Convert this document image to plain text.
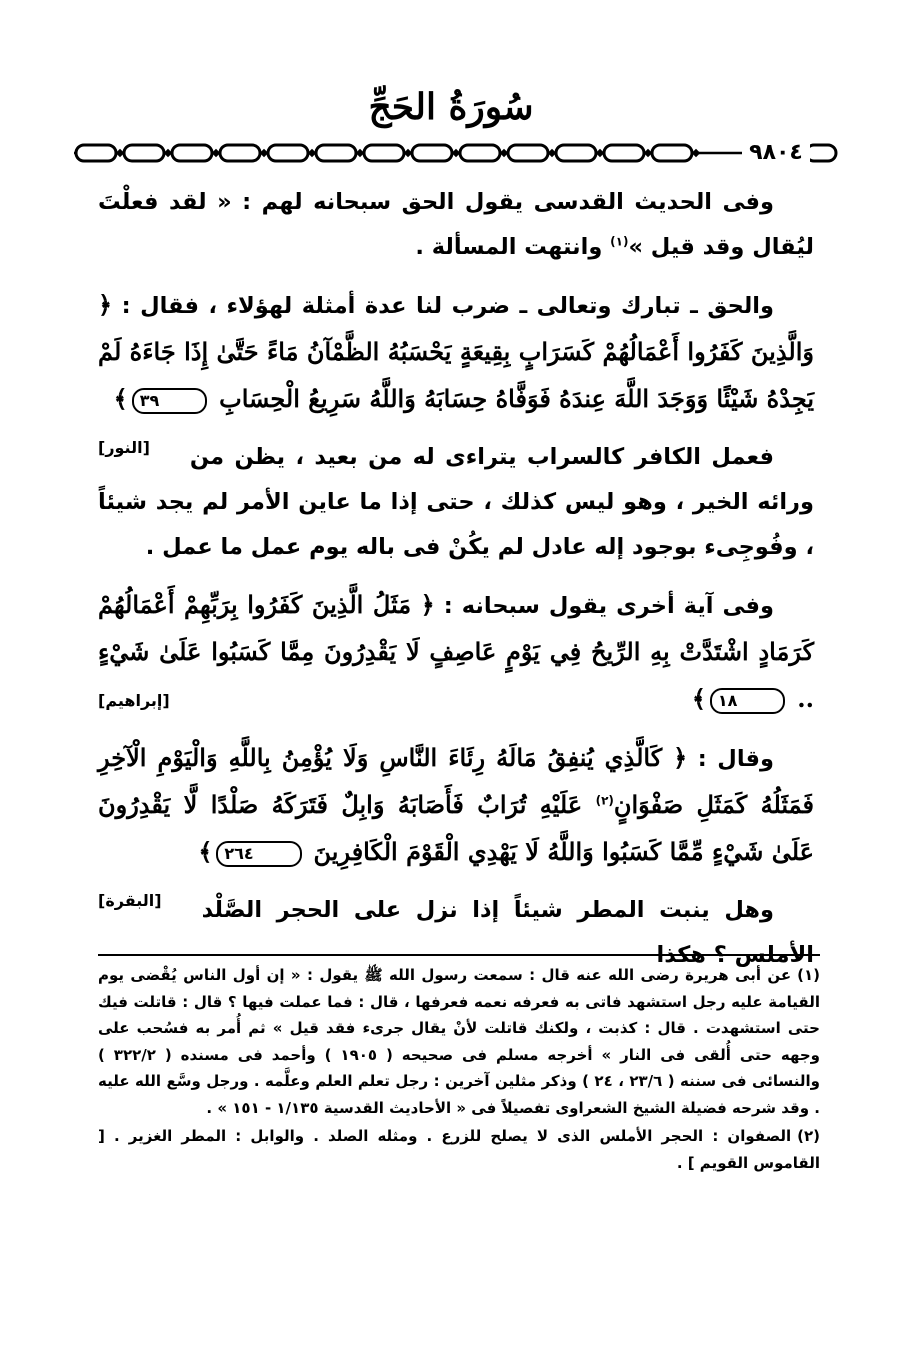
سُورَةُ الحَجِّ
٩٨٠٤

وفى الحديث القدسى يقول الحق سبحانه لهم : « لقد فعلْتَ ليُقال وقد قيل »$^{(١)}$ وانتهت المسألة .

والحق ـ تبارك وتعالى ـ ضرب لنا عدة أمثلة لهؤلاء ، فقال : ﴿ وَالَّذِينَ كَفَرُوا أَعْمَالُهُمْ كَسَرَابٍ بِقِيعَةٍ يَحْسَبُهُ الظَّمْآنُ مَاءً حَتَّىٰ إِذَا جَاءَهُ لَمْ يَجِدْهُ شَيْئًا وَوَجَدَ اللَّهَ عِندَهُ فَوَفَّاهُ حِسَابَهُ وَاللَّهُ سَرِيعُ الْحِسَابِ ٣٩﴾
[النور]	فعمل الكافر كالسراب يتراءى له من بعيد ، يظن من ورائه الخير ، وهو ليس كذلك ، حتى إذا ما عاين الأمر لم يجد شيئاً ، وفُوجِىء بوجود إله عادل لم يكُنْ فى باله يوم عمل ما عمل .

وفى آية أخرى يقول سبحانه : ﴿ مَثَلُ الَّذِينَ كَفَرُوا بِرَبِّهِمْ أَعْمَالُهُمْ كَرَمَادٍ اشْتَدَّتْ بِهِ الرِّيحُ فِي يَوْمٍ عَاصِفٍ لَا يَقْدِرُونَ مِمَّا كَسَبُوا عَلَىٰ شَيْءٍ .. ١٨﴾
[إبراهيم]

وقال : ﴿ كَالَّذِي يُنفِقُ مَالَهُ رِئَاءَ النَّاسِ وَلَا يُؤْمِنُ بِاللَّهِ وَالْيَوْمِ الْآخِرِ فَمَثَلُهُ كَمَثَلِ صَفْوَانٍ$^{(٢)}$ عَلَيْهِ تُرَابٌ فَأَصَابَهُ وَابِلٌ فَتَرَكَهُ صَلْدًا لَّا يَقْدِرُونَ عَلَىٰ شَيْءٍ مِّمَّا كَسَبُوا وَاللَّهُ لَا يَهْدِي الْقَوْمَ الْكَافِرِينَ ٢٦٤﴾
[البقرة]	وهل ينبت المطر شيئاً إذا نزل على الحجر الصَّلْد الأملس ؟ هكذا

(١)عن أبى هريرة رضى الله عنه قال : سمعت رسول الله ﷺ يقول : « إن أول الناس يُقْضى يوم القيامة عليه رجل استشهد فاتى به فعرفه نعمه فعرفها ، قال : فما عملت فيها ؟ قال : قاتلت فيك حتى استشهدت . قال : كذبت ، ولكنك قاتلت لأنْ يقال جرىء فقد قيل » ثم أُمر به فسُحب على وجهه حتى أُلقى فى النار » أخرجه مسلم فى صحيحه ( ١٩٠٥ ) وأحمد فى مسنده ( ٣٢٢/٢ ) والنسائى فى سننه ( ٢٣/٦ ، ٢٤ ) وذكر مثلين آخرين : رجل تعلم العلم وعلَّمه . ورجل وسَّع الله عليه . وقد شرحه فضيلة الشيخ الشعراوى تفصيلاً فى « الأحاديث القدسية ١/١٣٥ - ١٥١ » .

(٢)الصفوان : الحجر الأملس الذى لا يصلح للزرع . ومثله الصلد . والوابل : المطر الغزير . [ القاموس القويم ] .
